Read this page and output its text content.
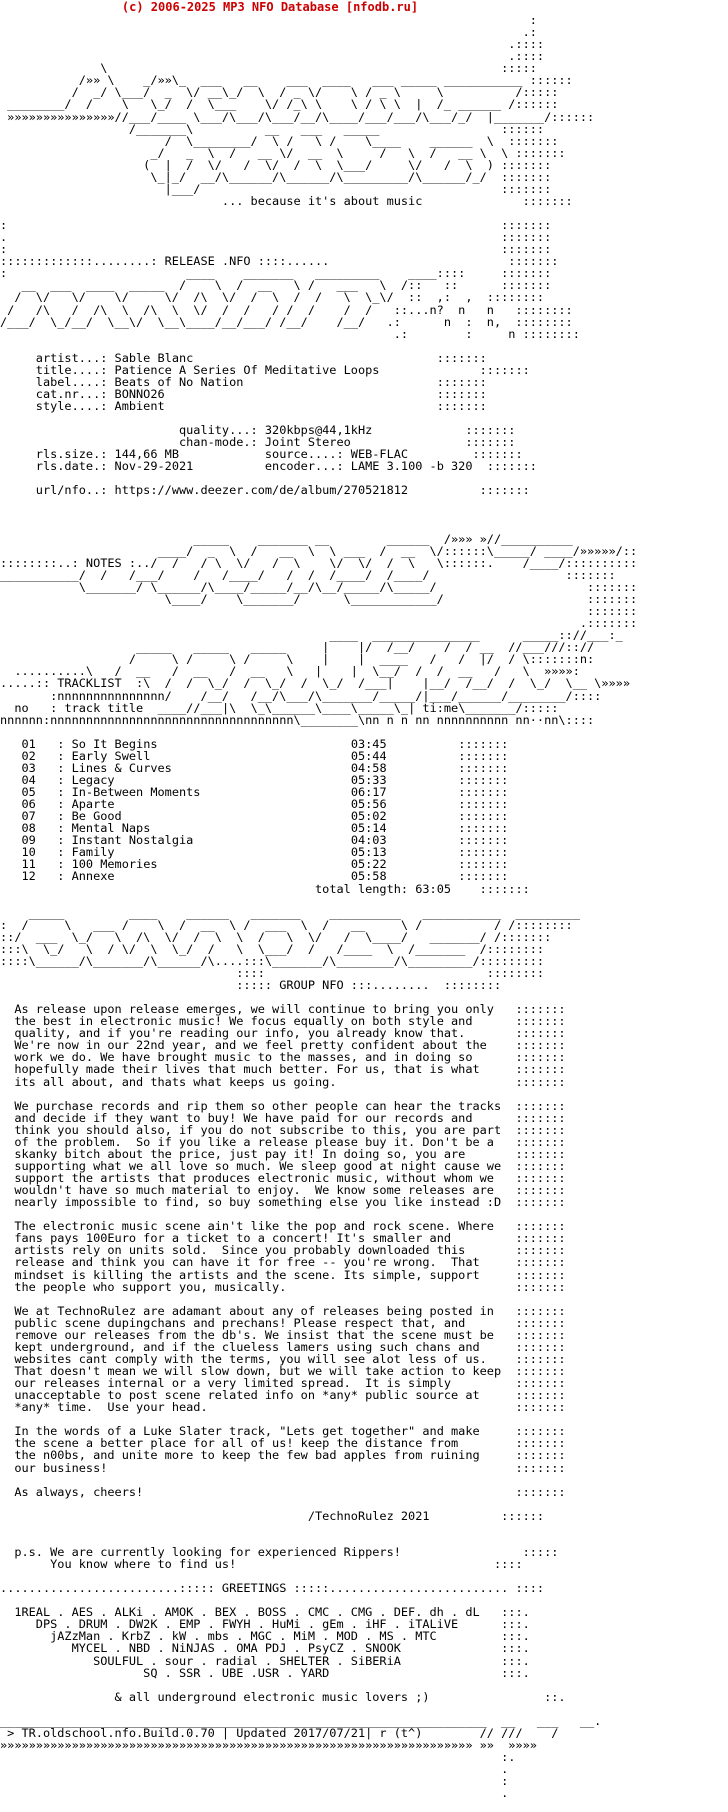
(c) 2006-2025 MP3 NFO Database [nfodb.ru]
:
.:
.::::
.::::
\                                                       :::::
/»» \    _/»»\_  ___   __    ___  ____   ___ _____ ___________ ::::::
/  _/ \___/  _  \/ __\_/  \  / _ \/    \ / _ \     \          /:::::
________/  /    \   \_/  /  \___    \/ /_\ \    \ / \ \  |  /_ ______ /::::::
»»»»»»»»»»»»»»»//___/____ \___/\___/\___/__/\____/___/___/\___/_/  |_______/::::::
/_______\          __   ___   _____                 ::::::
/  \________/  \ /   \ /    \____    ______  \  :::::::
_/   _  \  /   __ \/  __  \     /   \  /   __ \  \ :::::::
(  |  /  \/   /  \/  /  \  \___/     \/   /  \  ) :::::::
\_|_/  __/\______/\______/\_________/\______/_/  :::::::
|___/                                          :::::::
... because it's about music              :::::::

:                                                                     :::::::
.                                                                     :::::::
:                                                                     :::::::
:::::::::::::........: RELEASE .NFO ::::......                         :::::::
:                         ____    _______   _________    ____::::     :::::::
__  ___  ____  _____  /    \  /  __   \ /   ___   \  /::   ::      :::::::
/  \/   \/    \/     \/  /\  \/  /  \  /  /   \  \_\/  ::  ,:  ,  ::::::::
/   /\   /  /\  \  /\  \  \/  /  /   / /  /    /  /   ::...n?  n   n   ::::::::
/___/  \_/__/  \__\/  \__\____/__/___/ /__/    /__/   .:      n  :  n,  ::::::::
.:        :     n ::::::::

artist...: Sable Blanc                                  :::::::
title....: Patience A Series Of Meditative Loops              :::::::
label....: Beats of No Nation                           :::::::
cat.nr...: BONNO26                                      :::::::
style....: Ambient                                      :::::::

quality...: 320kbps@44,1kHz             :::::::
chan-mode.: Joint Stereo                :::::::
rls.size.: 144,66 MB            source....: WEB-FLAC         :::::::
rls.date.: Nov-29-2021          encoder...: LAME 3.100 -b 320  :::::::

url/nfo..: https://www.deezer.com/de/album/270521812          :::::::

_____    _______ __        ______  /»»» »//__________
____/  _  \  /   __  \  \ ___  /  __  \/::::::\_____/ ____/»»»»»/::
::::::::..: NOTES :../  /   / \  \/   /  \    \/  \/  /  \   \::::::.    /____/::::::::::
___________/  /   /___/    /   /____/   /  /  /____/  /____/                   :::::::
\_______/ \______/\____/_____/__/\__/_____/\_____/                     :::::::
\____/    \_______/      \____________/                    :::::::
:::::::
.:::::::
____  _______________      _____:://___:_
_____   _____   _____     |    |/  /__/    /  / __  //___///:://
/     \ /     \ /     \    |    |  ____   /   /  |/  / \:::::::n:
..........\   /  __   /  __   /  __   \   |    |  \__/  /  /  __   /   \  »»»»:
.....:: TRACKLIST  :\  /  /  \_/  /  \_/  /  \_/  /___|    |__/  /__/  /  \_/  \__ \»»»»
:nnnnnnnnnnnnnnn/    /__/   /__/\___/\_______/_____/|___/______/________/::::
no   : track title  ____//___|\  \_\______\____\_____\_| ti:me\_______/:::::
nnnnnn:nnnnnnnnnnnnnnnnnnnnnnnnnnnnnnnnnn\________\nn n n nn nnnnnnnnnn nn··nn\::::

01   : So It Begins	03:45          :::::::
02   : Early Swell	05:44          :::::::
03   : Lines & Curves	04:58          :::::::
04   : Legacy	05:33          :::::::
05   : In-Between Moments	06:17          :::::::
06   : Aparte	05:56          :::::::
07   : Be Good	05:02          :::::::
08   : Mental Naps	05:14          :::::::
09   : Instant Nostalgia	04:03          :::::::
10   : Family	05:13          :::::::
11   : 100 Memories	05:22          :::::::
12   : Annexe	05:58          :::::::
total length: 63:05    :::::::

_____         ____    ______   _______    __________   ___________  _________
:  /     \   ___ /    \  /  __  \ /  ___  \  /   __     \ /          / /::::::::
::/  ___  \_/   \  /\  \/  /  \  \  /   \  \/   /  \____/   _______/ /:::::::
:::\  \_/   \  / \/  \  \_/  /   \  \___/  /   /____  \  /_______  /::::::::
::::\______/\_______/\______/\....:::\_______/\________/\_________/:::::::::
::::                               ::::::::
::::: GROUP NFO :::........  ::::::::

As release upon release emerges, we will continue to bring you only :::::::
the best in electronic music! We focus equally on both style and	:::::::
quality, and if you're reading our info, you already know that.	:::::::
We're now in our 22nd year, and we feel pretty confident about the :::::::
work we do. We have brought music to the masses, and in doing so	:::::::
hopefully made their lives that much better. For us, that is what	:::::::
its all about, and thats what keeps us going.	:::::::

We purchase records and rip them so other people can hear the tracks :::::::
and decide if they want to buy! We have paid for our records and	:::::::
think you should also, if you do not subscribe to this, you are part :::::::
of the problem.  So if you like a release please buy it. Don't be a :::::::
skanky bitch about the price, just pay it! In doing so, you are	:::::::
supporting what we all love so much. We sleep good at night cause we :::::::
support the artists that produces electronic music, without whom we :::::::
wouldn't have so much material to enjoy.  We know some releases are :::::::
nearly impossible to find, so buy something else you like instead :D :::::::

The electronic music scene ain't like the pop and rock scene. Where :::::::
fans pays 100Euro for a ticket to a concert! It's smaller and	:::::::
artists rely on units sold.  Since you probably downloaded this	:::::::
release and think you can have it for free -- you're wrong.  That	:::::::
mindset is killing the artists and the scene. Its simple, support	:::::::
the people who support you, musically.	:::::::

We at TechnoRulez are adamant about any of releases being posted in :::::::
public scene dupingchans and prechans! Please respect that, and	:::::::
remove our releases from the db's. We insist that the scene must be :::::::
kept underground, and if the clueless lamers using such chans and	:::::::
websites cant comply with the terms, you will see alot less of us. :::::::
That doesn't mean we will slow down, but we will take action to keep :::::::
our releases internal or a very limited spread.  It is simply	:::::::
unacceptable to post scene related info on *any* public source at	:::::::
*any* time.  Use your head.	:::::::

In the words of a Luke Slater track, "Lets get together" and make	:::::::
the scene a better place for all of us! keep the distance from	:::::::
the n00bs, and unite more to keep the few bad apples from ruining	:::::::
our business!	:::::::

As always, cheers!	:::::::

/TechnoRulez 2021          ::::::

p.s. We are currently looking for experienced Rippers!                 :::::
You know where to find us!                                    ::::

.........................::::: GREETINGS :::::......................... ::::

1REAL . AES . ALKi . AMOK . BEX . BOSS . CMC . CMG . DEF. dh . dL :::.
DPS . DRUM . DW2K . EMP . FWYH . HuMi . gEm . iHF . iTALiVE	:::.
jAZzMan . KrbZ . kW . mbs . MGC . MiM . MOD . MS . MTC	:::.
MYCEL . NBD . NiNJAS . OMA PDJ . PsyCZ . SNOOK	:::.
SOULFUL . sour . radial . SHELTER . SiBERiA	:::.
SQ . SSR . UBE .USR . YARD	:::.

& all underground electronic music lovers ;)                ::.

____________________________________________________________________  __   ___   __.
> TR.oldschool.nfo.Build.0.70 | Updated 2017/07/21| r (t^)        // ///    /
»»»»»»»»»»»»»»»»»»»»»»»»»»»»»»»»»»»»»»»»»»»»»»»»»»»»»»»»»»»»»»»»»» »»  »»»»
:.
.
:
.
